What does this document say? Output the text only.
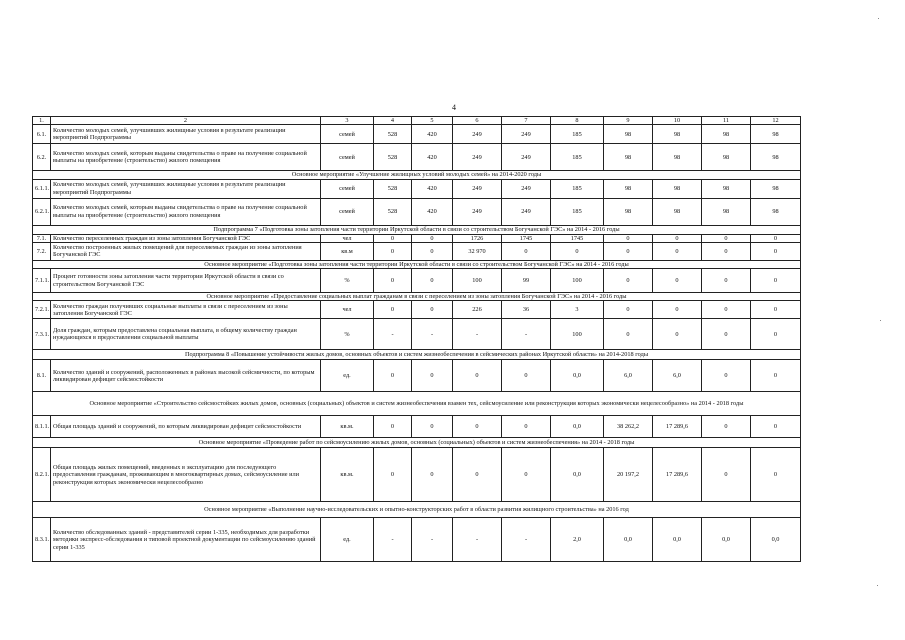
4
1.	2	3	4	5	6	7	8	9	10	11	12
6.1.	Количество молодых семей, улучшивших жилищные условия в результате реализации мероприятий Подпрограммы	семей	528	420	249	249	185	98	98	98	98
6.2.	Количество молодых семей, которым выданы свидетельства о праве на получение социальной выплаты на приобретение (строительство) жилого помещения	семей	528	420	249	249	185	98	98	98	98
Основное мероприятие «Улучшение жилищных условий молодых семей» на 2014-2020 годы											
6.1.1.	Количество молодых семей, улучшивших жилищные условия в результате реализации мероприятий Подпрограммы	семей	528	420	249	249	185	98	98	98	98
6.2.1.	Количество молодых семей, которым выданы свидетельства о праве на получение социальной выплаты на приобретение (строительство) жилого помещения	семей	528	420	249	249	185	98	98	98	98
Подпрограмма 7 «Подготовка зоны затопления части территории Иркутской области в связи со строительством Богучанской ГЭС» на 2014 - 2016 годы											
7.1.	Количество переселенных граждан из зоны затопления Богучанской ГЭС	чел	0	0	1726	1745	1745	0	0	0	0
7.2.	Количество построенных жилых помещений для переселяемых граждан из зоны затопления Богучанской ГЭС	кв.м	0	0	32 970	0	0	0	0	0	0
Основное мероприятие «Подготовка зоны затопления части территории Иркутской области в связи со строительством Богучанской ГЭС» на 2014 - 2016 годы											
7.1.1.	Процент готовности зоны затопления части территории Иркутской области в связи со строительством Богучанской ГЭС	%	0	0	100	99	100	0	0	0	0
Основное мероприятие «Предоставление социальных выплат гражданам в связи с переселением из зоны затопления Богучанской ГЭС» на 2014 - 2016 годы											
7.2.1.	Количество граждан получивших социальные выплаты в связи с переселением из зоны затопления Богучанской ГЭС	чел	0	0	226	36	3	0	0	0	0
7.3.1.	Доля граждан, которым предоставлена социальная выплата, в общему количеству граждан нуждающихся в предоставлении социальной выплаты	%	-	-	-	-	100	0	0	0	0
Подпрограмма 8 «Повышение устойчивости жилых домов, основных объектов и систем жизнеобеспечения в сейсмических районах Иркутской области» на 2014-2018 годы											
8.1.	Количество зданий и сооружений, расположенных в районах высокой сейсмичности, по которым ликвидирован дефицит сейсмостойкости	ед.	0	0	0	0	0,0	6,0	6,0	0	0
Основное мероприятие «Строительство сейсмостойких жилых домов, основных (социальных) объектов и систем жизнеобеспечения взамен тех, сейсмоусиление или реконструкция которых экономически нецелесообразно» на 2014 - 2018 годы											
8.1.1.	Общая площадь зданий и сооружений, по которым ликвидирован дефицит сейсмостойкости	кв.м.	0	0	0	0	0,0	38 262,2	17 289,6	0	0
Основное мероприятие «Проведение работ по сейсмоусилению жилых домов, основных (социальных) объектов и систем жизнеобеспечения» на 2014 - 2018 годы											
8.2.1.	Общая площадь жилых помещений, введенных в эксплуатацию для последующего предоставления гражданам, проживающим в многоквартирных домах, сейсмоусиление или реконструкция которых экономически нецелесообразно	кв.м.	0	0	0	0	0,0	20 197,2	17 289,6	0	0
Основное мероприятие «Выполнение научно-исследовательских и опытно-конструкторских работ в области развития жилищного строительства» на 2016 год											
8.3.1.	Количество обследованных зданий - представителей серии 1-335, необходимых для разработки методики экспресс-обследования и типовой проектной документации по сейсмоусилению зданий серии 1-335	ед.	-	-	-	-	2,0	0,0	0,0	0,0	0,0
